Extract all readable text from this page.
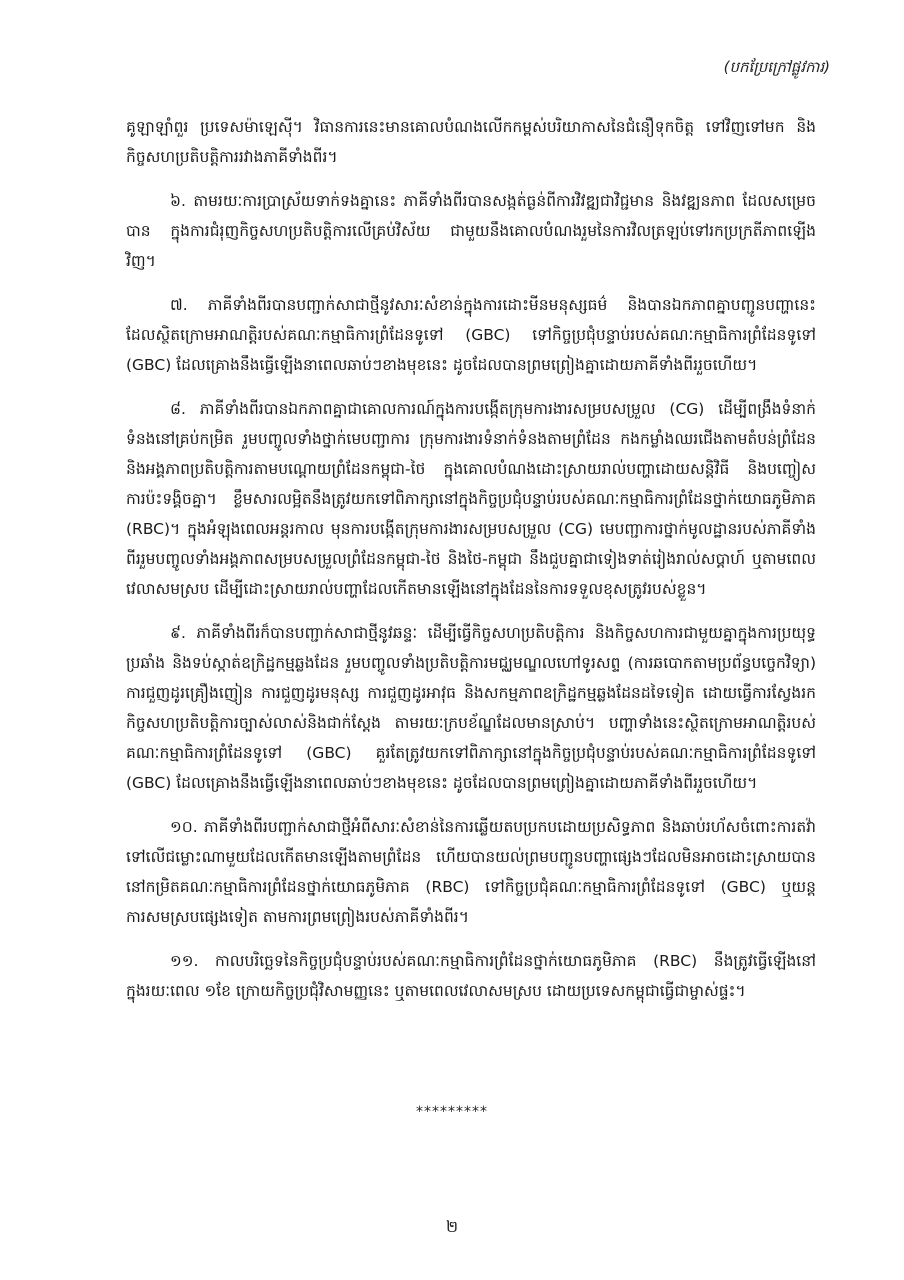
(បកប្រែក្រៅផ្លូវការ)

គូឡាឡាំពួរ ប្រទេសម៉ាឡេស៊ី។ វិធានការនេះមានគោលបំណងលើកកម្ពស់បរិយាកាសនៃជំនឿទុកចិត្ត ទៅវិញទៅមក និងកិច្ចសហប្រតិបត្តិការរវាងភាគីទាំងពីរ។

៦. តាមរយៈការប្រាស្រ័យទាក់ទងគ្នានេះ ភាគីទាំងពីរបានសង្កត់ធ្ងន់ពីការវិវឌ្ឍជាវិជ្ជមាន និងវឌ្ឍនភាព ដែលសម្រេចបាន ក្នុងការជំរុញកិច្ចសហប្រតិបត្តិការលើគ្រប់វិស័យ ជាមួយនឹងគោលបំណងរួមនៃការវិលត្រឡប់ទៅរកប្រក្រតីភាពឡើងវិញ។

៧. ភាគីទាំងពីរបានបញ្ជាក់សាជាថ្មីនូវសារៈសំខាន់ក្នុងការដោះមីនមនុស្សធម៌ និងបានឯកភាពគ្នាបញ្ជូនបញ្ហានេះ ដែលស្ថិតក្រោមអាណត្តិរបស់គណៈកម្មាធិការព្រំដែនទូទៅ (GBC) ទៅកិច្ចប្រជុំបន្ទាប់របស់គណៈកម្មាធិការព្រំដែនទូទៅ (GBC) ដែលគ្រោងនឹងធ្វើឡើងនាពេលឆាប់ៗខាងមុខនេះ ដូចដែលបានព្រមព្រៀងគ្នាដោយភាគីទាំងពីររួចហើយ។

៨. ភាគីទាំងពីរបានឯកភាពគ្នាជាគោលការណ៍ក្នុងការបង្កើតក្រុមការងារសម្របសម្រួល (CG) ដើម្បីពង្រឹងទំនាក់ទំនងនៅគ្រប់កម្រិត រួមបញ្ចូលទាំងថ្នាក់មេបញ្ជាការ ក្រុមការងារទំនាក់ទំនងតាមព្រំដែន កងកម្លាំងឈរជើងតាមតំបន់ព្រំដែន និងអង្គភាពប្រតិបត្តិការតាមបណ្តោយព្រំដែនកម្ពុជា-ថៃ ក្នុងគោលបំណងដោះស្រាយរាល់បញ្ហាដោយសន្តិវិធី និងបញ្ចៀសការប៉ះទង្គិចគ្នា។ ខ្លឹមសារលម្អិតនឹងត្រូវយកទៅពិភាក្សានៅក្នុងកិច្ចប្រជុំបន្ទាប់របស់គណៈកម្មាធិការព្រំដែនថ្នាក់យោធភូមិភាគ (RBC)។ ក្នុងអំឡុងពេលអន្តរកាល មុនការបង្កើតក្រុមការងារសម្របសម្រួល (CG) មេបញ្ជាការថ្នាក់មូលដ្ឋានរបស់ភាគីទាំងពីររួមបញ្ចូលទាំងអង្គភាពសម្របសម្រួលព្រំដែនកម្ពុជា-ថៃ និងថៃ-កម្ពុជា នឹងជួបគ្នាជាទៀងទាត់រៀងរាល់សប្តាហ៍ ឬតាមពេលវេលាសមស្រប ដើម្បីដោះស្រាយរាល់បញ្ហាដែលកើតមានឡើងនៅក្នុងដែននៃការទទួលខុសត្រូវរបស់ខ្លួន។

៩. ភាគីទាំងពីរក៏បានបញ្ជាក់សាជាថ្មីនូវឆន្ទៈ ដើម្បីធ្វើកិច្ចសហប្រតិបត្តិការ និងកិច្ចសហការជាមួយគ្នាក្នុងការប្រយុទ្ធប្រឆាំង និងទប់ស្កាត់ឧក្រិដ្ឋកម្មឆ្លងដែន រួមបញ្ចូលទាំងប្រតិបត្តិការមជ្ឈមណ្ឌលហៅទូរសព្ទ (ការឆបោកតាមប្រព័ន្ធបច្ចេកវិទ្យា) ការជួញដូរគ្រឿងញៀន ការជួញដូរមនុស្ស ការជួញដូរអាវុធ និងសកម្មភាពឧក្រិដ្ឋកម្មឆ្លងដែនដទៃទៀត ដោយធ្វើការស្វែងរកកិច្ចសហប្រតិបត្តិការច្បាស់លាស់និងជាក់ស្តែង តាមរយៈក្របខ័ណ្ឌដែលមានស្រាប់។ បញ្ហាទាំងនេះស្ថិតក្រោមអាណត្តិរបស់គណៈកម្មាធិការព្រំដែនទូទៅ (GBC) គួរតែត្រូវយកទៅពិភាក្សានៅក្នុងកិច្ចប្រជុំបន្ទាប់របស់គណៈកម្មាធិការព្រំដែនទូទៅ (GBC) ដែលគ្រោងនឹងធ្វើឡើងនាពេលឆាប់ៗខាងមុខនេះ ដូចដែលបានព្រមព្រៀងគ្នាដោយភាគីទាំងពីររួចហើយ។

១០. ភាគីទាំងពីរបញ្ជាក់សាជាថ្មីអំពីសារៈសំខាន់នៃការឆ្លើយតបប្រកបដោយប្រសិទ្ធភាព និងឆាប់រហ័សចំពោះការតវ៉ាទៅលើជម្លោះណាមួយដែលកើតមានឡើងតាមព្រំដែន ហើយបានយល់ព្រមបញ្ជូនបញ្ហាផ្សេងៗដែលមិនអាចដោះស្រាយបាននៅកម្រិតគណៈកម្មាធិការព្រំដែនថ្នាក់យោធភូមិភាគ (RBC) ទៅកិច្ចប្រជុំគណៈកម្មាធិការព្រំដែនទូទៅ (GBC) ឬយន្តការសមស្របផ្សេងទៀត តាមការព្រមព្រៀងរបស់ភាគីទាំងពីរ។

១១. កាលបរិច្ឆេទនៃកិច្ចប្រជុំបន្ទាប់របស់គណៈកម្មាធិការព្រំដែនថ្នាក់យោធភូមិភាគ (RBC) នឹងត្រូវធ្វើឡើងនៅក្នុងរយៈពេល ១ខែ ក្រោយកិច្ចប្រជុំវិសាមញ្ញនេះ ឬតាមពេលវេលាសមស្រប ដោយប្រទេសកម្ពុជាធ្វើជាម្ចាស់ផ្ទះ។

*********
២
